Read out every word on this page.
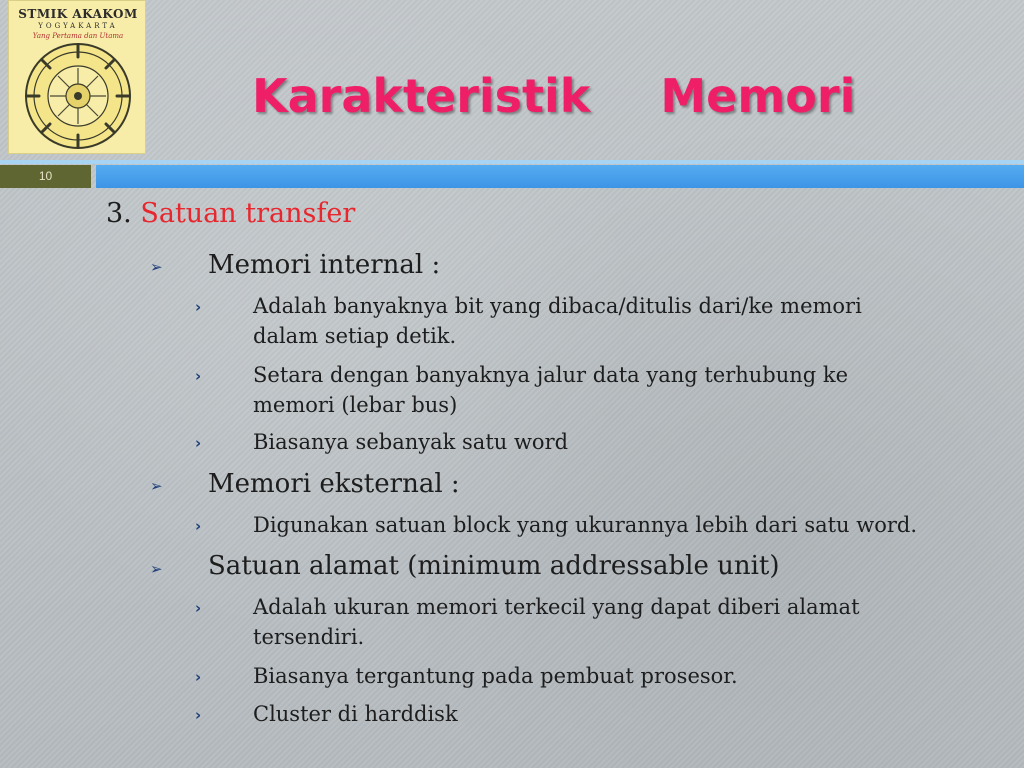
STMIK AKAKOM
YOGYAKARTA
Yang Pertama dan Utama
Karakteristik Memori
10
3. Satuan transfer
➢ Memori internal :
› Adalah banyaknya bit yang dibaca/ditulis dari/ke memori
dalam setiap detik.
› Setara dengan banyaknya jalur data yang terhubung ke
memori (lebar bus)
› Biasanya sebanyak satu word
➢ Memori eksternal :
› Digunakan satuan block yang ukurannya lebih dari satu word.
➢ Satuan alamat (minimum addressable unit)
› Adalah ukuran memori terkecil yang dapat diberi alamat
tersendiri.
› Biasanya tergantung pada pembuat prosesor.
› Cluster di harddisk
